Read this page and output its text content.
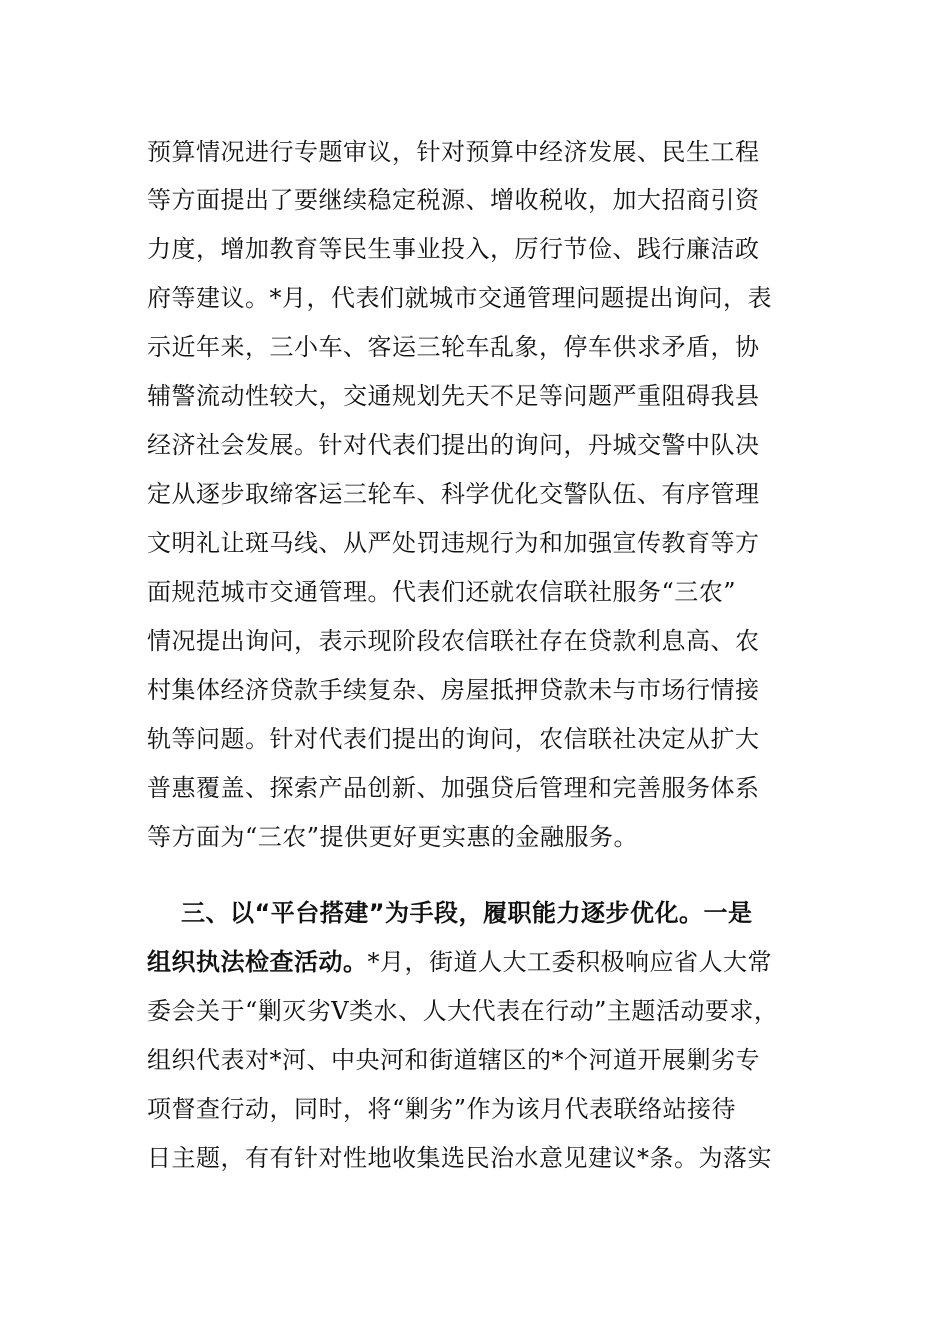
预算情况进行专题审议，针对预算中经济发展、民生工程
等方面提出了要继续稳定税源、增收税收，加大招商引资
力度，增加教育等民生事业投入，厉行节俭、践行廉洁政
府等建议。*月，代表们就城市交通管理问题提出询问，表
示近年来，三小车、客运三轮车乱象，停车供求矛盾，协
辅警流动性较大，交通规划先天不足等问题严重阻碍我县
经济社会发展。针对代表们提出的询问，丹城交警中队决
定从逐步取缔客运三轮车、科学优化交警队伍、有序管理
文明礼让斑马线、从严处罚违规行为和加强宣传教育等方
面规范城市交通管理。代表们还就农信联社服务“三农”
情况提出询问，表示现阶段农信联社存在贷款利息高、农
村集体经济贷款手续复杂、房屋抵押贷款未与市场行情接
轨等问题。针对代表们提出的询问，农信联社决定从扩大
普惠覆盖、探索产品创新、加强贷后管理和完善服务体系
等方面为“三农”提供更好更实惠的金融服务。
三、以“平台搭建”为手段，履职能力逐步优化。一是
组织执法检查活动。*月，街道人大工委积极响应省人大常
委会关于“剿灭劣Ⅴ类水、人大代表在行动”主题活动要求，
组织代表对*河、中央河和街道辖区的*个河道开展剿劣专
项督查行动，同时，将“剿劣”作为该月代表联络站接待
日主题，有有针对性地收集选民治水意见建议*条。为落实
